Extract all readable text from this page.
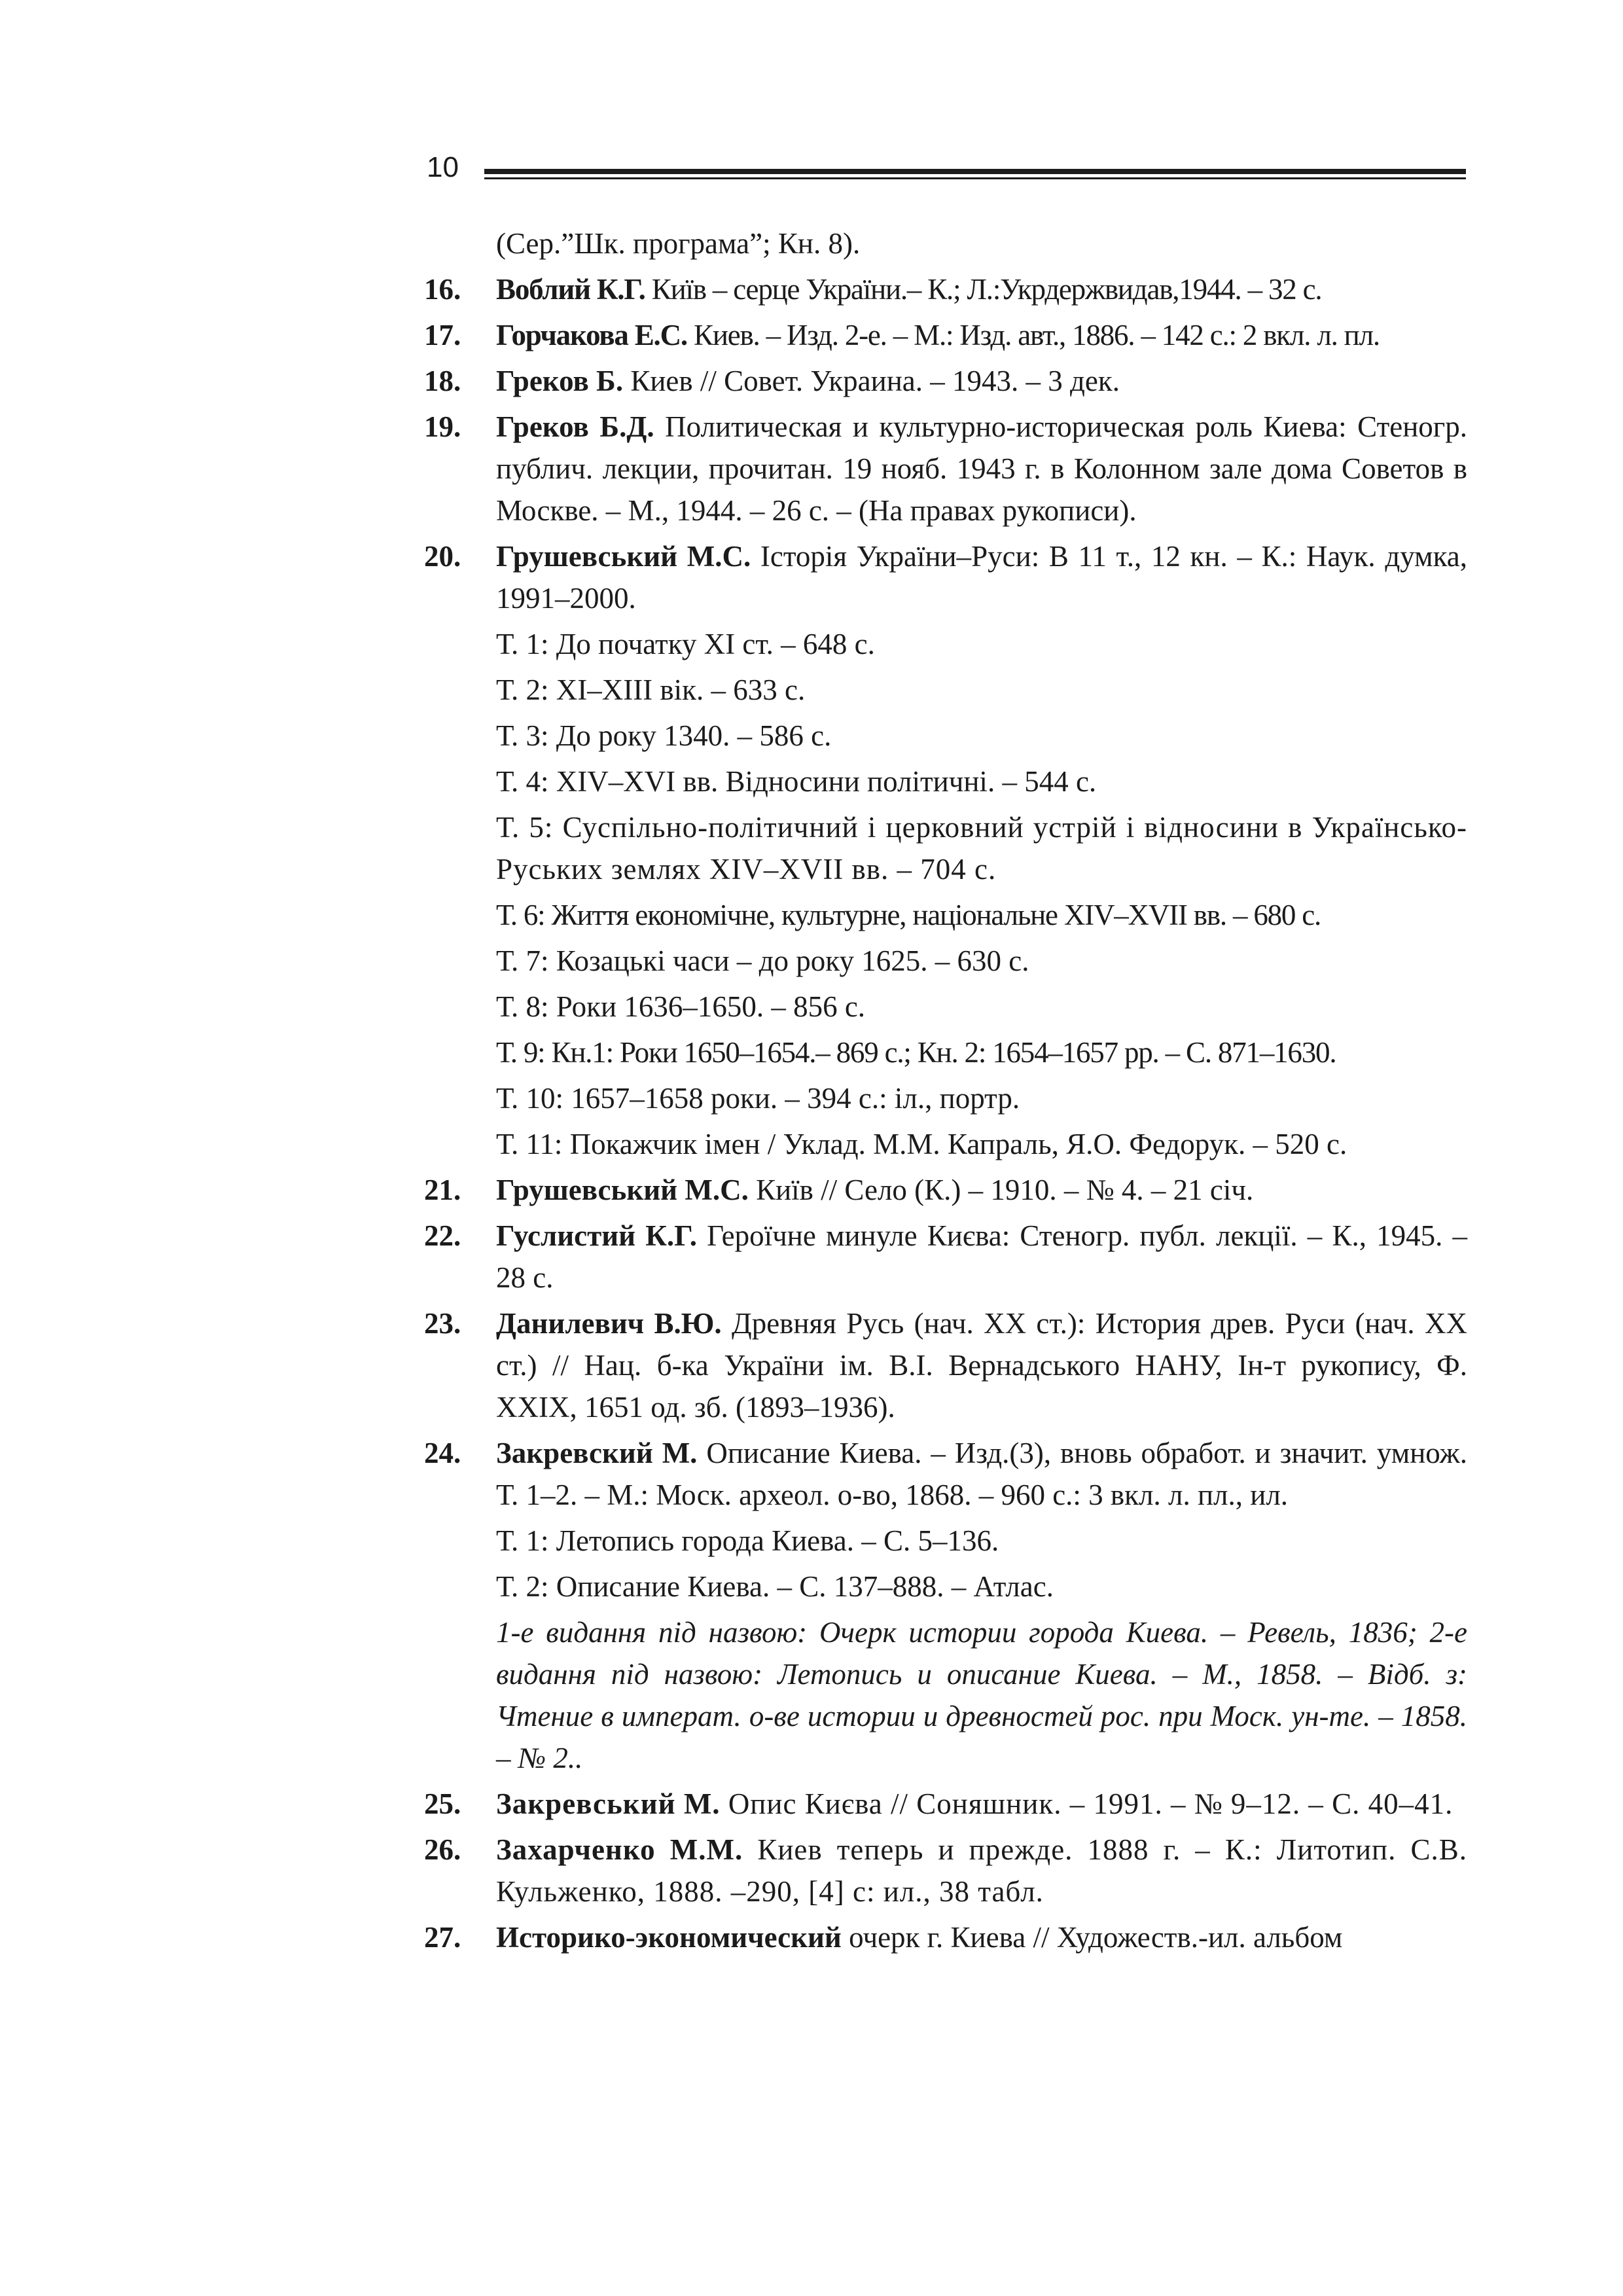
10
(Сер.”Шк. програма”; Кн. 8).
16. Воблий К.Г. Київ – серце України.– К.; Л.:Укрдержвидав,1944. – 32 с.
17. Горчакова Е.С. Киев. – Изд. 2-е. – М.: Изд. авт., 1886. – 142 с.: 2 вкл. л. пл.
18. Греков Б. Киев // Совет. Украина. – 1943. – 3 дек.
19. Греков Б.Д. Политическая и культурно-историческая роль Киева: Стеногр. публич. лекции, прочитан. 19 нояб. 1943 г. в Колонном зале дома Советов в Москве. – М., 1944. – 26 с. – (На правах рукописи).
20. Грушевський М.С. Історія України–Руси: В 11 т., 12 кн. – К.: Наук. думка, 1991–2000.
Т. 1: До початку XI ст. – 648 с.
Т. 2: XI–XIII вік. – 633 с.
Т. 3: До року 1340. – 586 с.
Т. 4: XIV–XVI вв. Відносини політичні. – 544 с.
Т. 5: Суспільно-політичний і церковний устрій і відносини в Українсько-Руських землях XIV–XVII вв. – 704 с.
Т. 6: Життя економічне, культурне, національне XIV–XVII вв. – 680 с.
Т. 7: Козацькі часи – до року 1625. – 630 с.
Т. 8: Роки 1636–1650. – 856 с.
Т. 9: Кн.1: Роки 1650–1654.– 869 с.; Кн. 2: 1654–1657 рр. – С. 871–1630.
Т. 10: 1657–1658 роки. – 394 с.: іл., портр.
Т. 11: Покажчик імен / Уклад. М.М. Капраль, Я.О. Федорук. – 520 с.
21. Грушевський М.С. Київ // Село (К.) – 1910. – № 4. – 21 січ.
22. Гуслистий К.Г. Героїчне минуле Києва: Стеногр. публ. лекції. – К., 1945. – 28 с.
23. Данилевич В.Ю. Древняя Русь (нач. XX ст.): История древ. Руси (нач. XX ст.) // Нац. б-ка України ім. В.І. Вернадського НАНУ, Ін-т рукопису, Ф. XXIX, 1651 од. зб. (1893–1936).
24. Закревский М. Описание Киева. – Изд.(3), вновь обработ. и значит. умнож. Т. 1–2. – М.: Моск. археол. о-во, 1868. – 960 с.: 3 вкл. л. пл., ил.
Т. 1: Летопись города Киева. – С. 5–136.
Т. 2: Описание Киева. – С. 137–888. – Атлас.
1-е видання під назвою: Очерк истории города Киева. – Ревель, 1836; 2-е видання під назвою: Летопись и описание Киева. – М., 1858. – Відб. з: Чтение в императ. о-ве истории и древностей рос. при Моск. ун-те. – 1858. – № 2..
25. Закревський М. Опис Києва // Соняшник. – 1991. – № 9–12. – С. 40–41.
26. Захарченко М.М. Киев теперь и прежде. 1888 г. – К.: Литотип. С.В. Кульженко, 1888. –290, [4] с: ил., 38 табл.
27. Историко-экономический очерк г. Киева // Художеств.-ил. альбом
